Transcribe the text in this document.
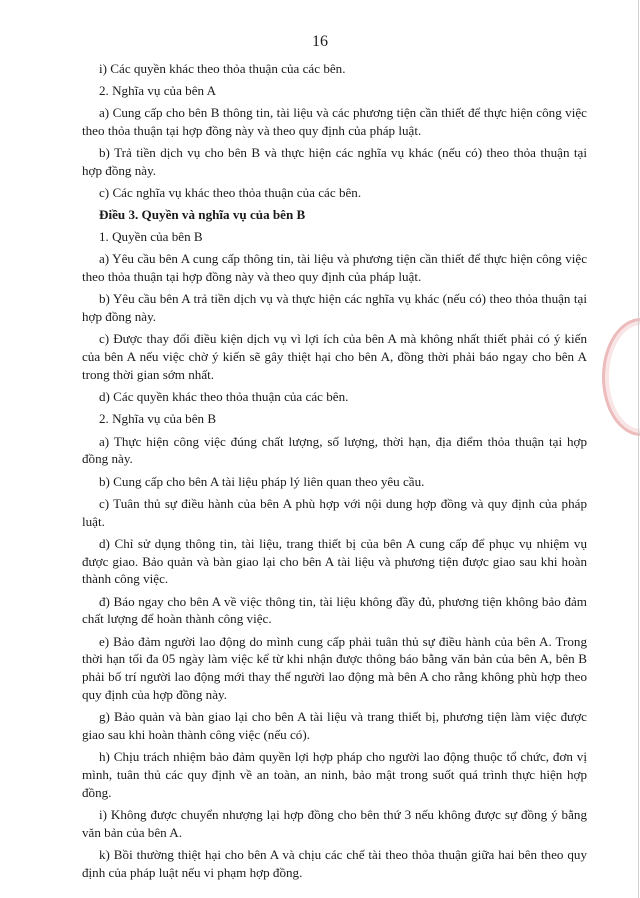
16

i) Các quyền khác theo thỏa thuận của các bên.

2. Nghĩa vụ của bên A

a) Cung cấp cho bên B thông tin, tài liệu và các phương tiện cần thiết để thực hiện công việc theo thỏa thuận tại hợp đồng này và theo quy định của pháp luật.

b) Trả tiền dịch vụ cho bên B và thực hiện các nghĩa vụ khác (nếu có) theo thỏa thuận tại hợp đồng này.

c) Các nghĩa vụ khác theo thỏa thuận của các bên.

Điều 3. Quyền và nghĩa vụ của bên B

1. Quyền của bên B

a) Yêu cầu bên A cung cấp thông tin, tài liệu và phương tiện cần thiết để thực hiện công việc theo thỏa thuận tại hợp đồng này và theo quy định của pháp luật.

b) Yêu cầu bên A trả tiền dịch vụ và thực hiện các nghĩa vụ khác (nếu có) theo thỏa thuận tại hợp đồng này.

c) Được thay đổi điều kiện dịch vụ vì lợi ích của bên A mà không nhất thiết phải có ý kiến của bên A nếu việc chờ ý kiến sẽ gây thiệt hại cho bên A, đồng thời phải báo ngay cho bên A trong thời gian sớm nhất.

d) Các quyền khác theo thỏa thuận của các bên.

2. Nghĩa vụ của bên B

a) Thực hiện công việc đúng chất lượng, số lượng, thời hạn, địa điểm thỏa thuận tại hợp đồng này.

b) Cung cấp cho bên A tài liệu pháp lý liên quan theo yêu cầu.

c) Tuân thủ sự điều hành của bên A phù hợp với nội dung hợp đồng và quy định của pháp luật.

d) Chỉ sử dụng thông tin, tài liệu, trang thiết bị của bên A cung cấp để phục vụ nhiệm vụ được giao. Bảo quản và bàn giao lại cho bên A tài liệu và phương tiện được giao sau khi hoàn thành công việc.

đ) Báo ngay cho bên A về việc thông tin, tài liệu không đầy đủ, phương tiện không bảo đảm chất lượng để hoàn thành công việc.

e) Bảo đảm người lao động do mình cung cấp phải tuân thủ sự điều hành của bên A. Trong thời hạn tối đa 05 ngày làm việc kể từ khi nhận được thông báo bằng văn bản của bên A, bên B phải bố trí người lao động mới thay thế người lao động mà bên A cho rằng không phù hợp theo quy định của hợp đồng này.

g) Bảo quản và bàn giao lại cho bên A tài liệu và trang thiết bị, phương tiện làm việc được giao sau khi hoàn thành công việc (nếu có).

h) Chịu trách nhiệm bảo đảm quyền lợi hợp pháp cho người lao động thuộc tổ chức, đơn vị mình, tuân thủ các quy định về an toàn, an ninh, bảo mật trong suốt quá trình thực hiện hợp đồng.

i) Không được chuyển nhượng lại hợp đồng cho bên thứ 3 nếu không được sự đồng ý bằng văn bản của bên A.

k) Bồi thường thiệt hại cho bên A và chịu các chế tài theo thỏa thuận giữa hai bên theo quy định của pháp luật nếu vi phạm hợp đồng.
